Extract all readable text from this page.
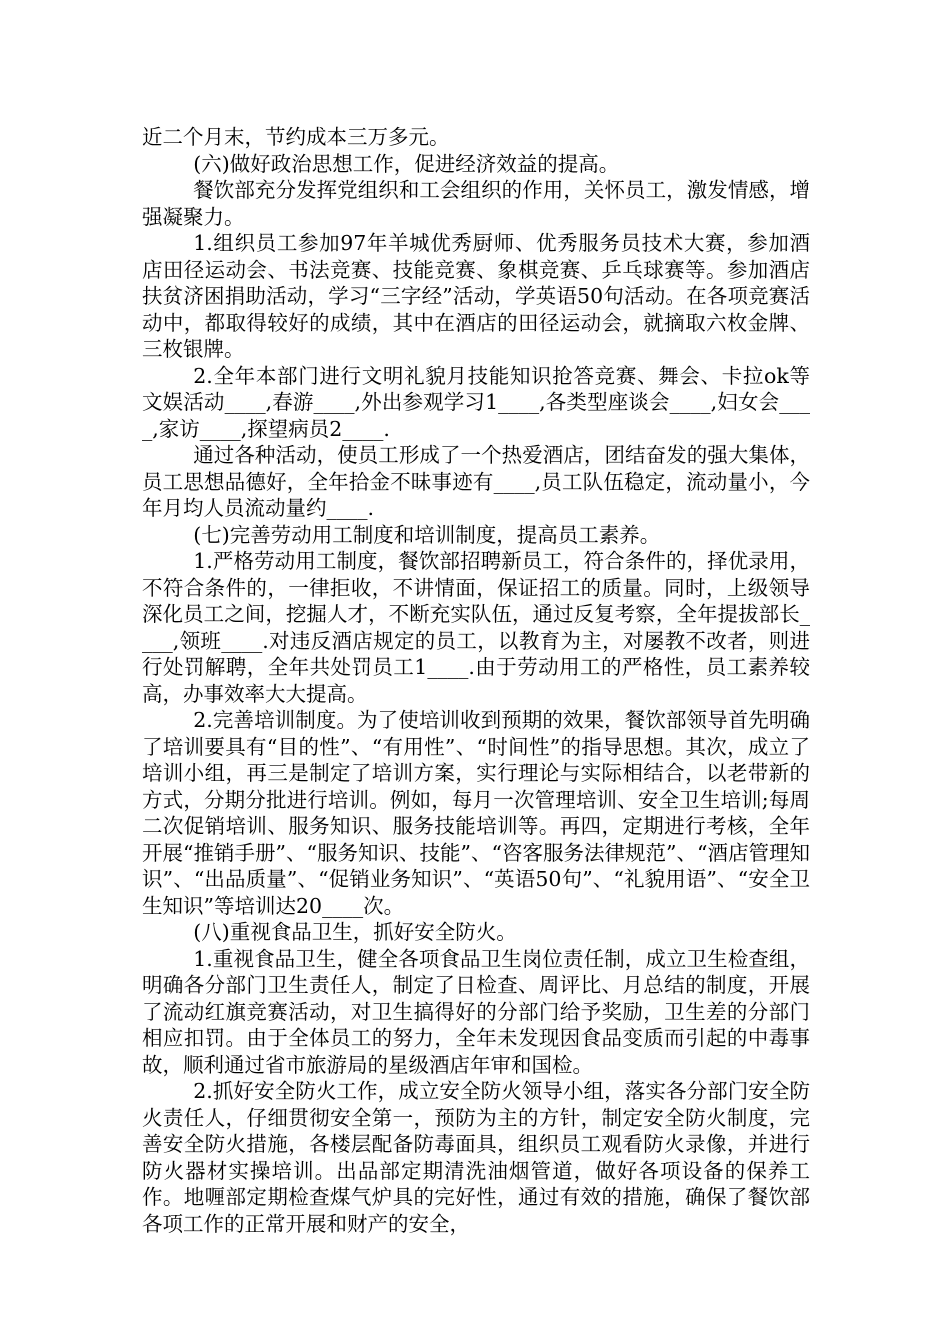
近二个月末，节约成本三万多元。

(六)做好政治思想工作，促进经济效益的提高。

餐饮部充分发挥党组织和工会组织的作用，关怀员工，激发情感，增强凝聚力。

1.组织员工参加97年羊城优秀厨师、优秀服务员技术大赛，参加酒店田径运动会、书法竞赛、技能竞赛、象棋竞赛、乒乓球赛等。参加酒店扶贫济困捐助活动，学习“三字经”活动，学英语50句活动。在各项竞赛活动中，都取得较好的成绩，其中在酒店的田径运动会，就摘取六枚金牌、三枚银牌。

2.全年本部门进行文明礼貌月技能知识抢答竞赛、舞会、卡拉ok等文娱活动____,春游____,外出参观学习1____,各类型座谈会____,妇女会____,家访____,探望病员2____.

通过各种活动，使员工形成了一个热爱酒店，团结奋发的强大集体，员工思想品德好，全年拾金不昧事迹有____,员工队伍稳定，流动量小，今年月均人员流动量约____.

(七)完善劳动用工制度和培训制度，提高员工素养。

1.严格劳动用工制度，餐饮部招聘新员工，符合条件的，择优录用，不符合条件的，一律拒收，不讲情面，保证招工的质量。同时，上级领导深化员工之间，挖掘人才，不断充实队伍，通过反复考察，全年提拔部长____,领班____.对违反酒店规定的员工，以教育为主，对屡教不改者，则进行处罚解聘，全年共处罚员工1____.由于劳动用工的严格性，员工素养较高，办事效率大大提高。

2.完善培训制度。为了使培训收到预期的效果，餐饮部领导首先明确了培训要具有“目的性”、“有用性”、“时间性”的指导思想。其次，成立了培训小组，再三是制定了培训方案，实行理论与实际相结合，以老带新的方式，分期分批进行培训。例如，每月一次管理培训、安全卫生培训;每周二次促销培训、服务知识、服务技能培训等。再四，定期进行考核，全年开展“推销手册”、“服务知识、技能”、“咨客服务法律规范”、“酒店管理知识”、“出品质量”、“促销业务知识”、“英语50句”、“礼貌用语”、“安全卫生知识”等培训达20____次。

(八)重视食品卫生，抓好安全防火。

1.重视食品卫生，健全各项食品卫生岗位责任制，成立卫生检查组，明确各分部门卫生责任人，制定了日检查、周评比、月总结的制度，开展了流动红旗竞赛活动，对卫生搞得好的分部门给予奖励，卫生差的分部门相应扣罚。由于全体员工的努力，全年未发现因食品变质而引起的中毒事故，顺利通过省市旅游局的星级酒店年审和国检。

2.抓好安全防火工作，成立安全防火领导小组，落实各分部门安全防火责任人，仔细贯彻安全第一，预防为主的方针，制定安全防火制度，完善安全防火措施，各楼层配备防毒面具，组织员工观看防火录像，并进行防火器材实操培训。出品部定期清洗油烟管道，做好各项设备的保养工作。地喱部定期检查煤气炉具的完好性，通过有效的措施，确保了餐饮部各项工作的正常开展和财产的安全，
